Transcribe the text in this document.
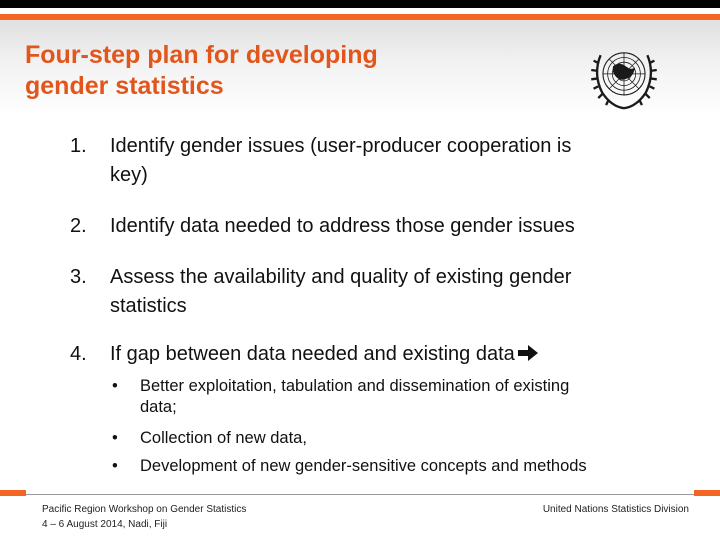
Four-step plan for developing
gender statistics
1. Identify gender issues (user-producer cooperation is
key)
2. Identify data needed to address those gender issues
3. Assess the availability and quality of existing gender
statistics
4. If gap between data needed and existing data
• Better exploitation, tabulation and dissemination of existing
data;
• Collection of new data,
• Development of new gender-sensitive concepts and methods
Pacific Region Workshop on Gender Statistics
4 – 6 August 2014, Nadi, Fiji
United Nations Statistics Division
